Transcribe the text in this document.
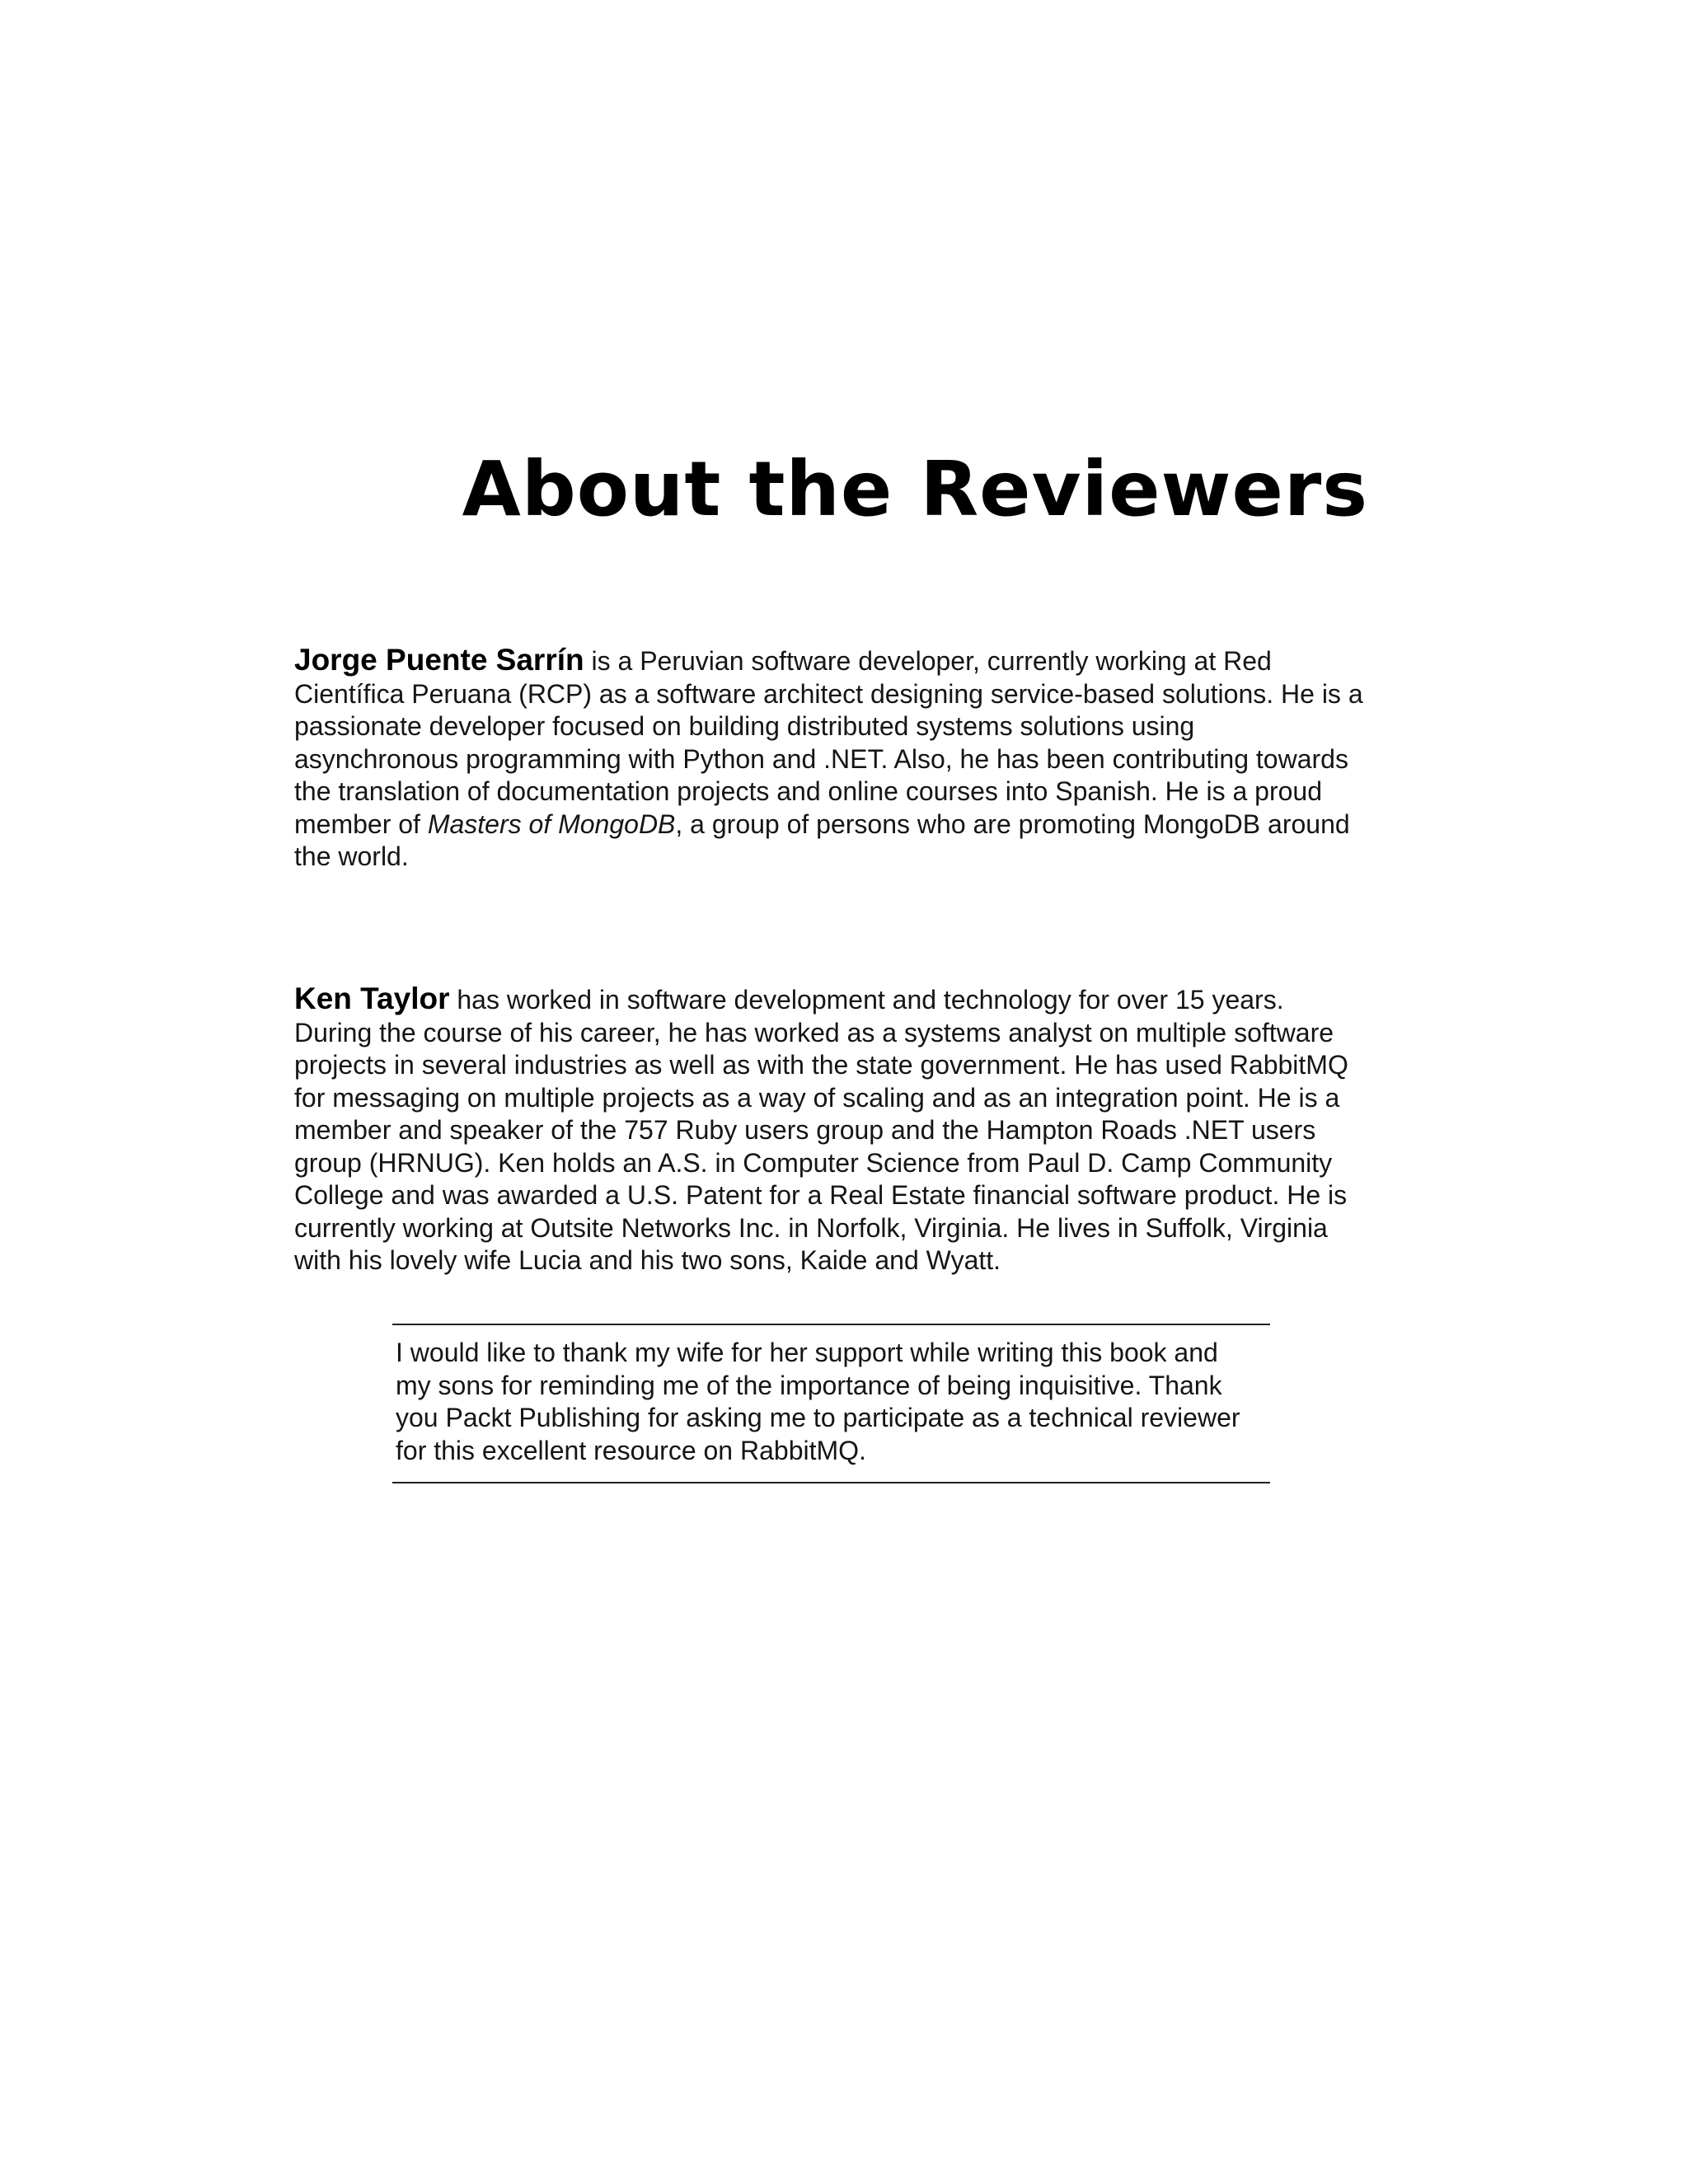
About the Reviewers

Jorge Puente Sarrín is a Peruvian software developer, currently working at Red Científica Peruana (RCP) as a software architect designing service-based solutions. He is a passionate developer focused on building distributed systems solutions using asynchronous programming with Python and .NET. Also, he has been contributing towards the translation of documentation projects and online courses into Spanish. He is a proud member of Masters of MongoDB, a group of persons who are promoting MongoDB around the world.

Ken Taylor has worked in software development and technology for over 15 years. During the course of his career, he has worked as a systems analyst on multiple software projects in several industries as well as with the state government. He has used RabbitMQ for messaging on multiple projects as a way of scaling and as an integration point. He is a member and speaker of the 757 Ruby users group and the Hampton Roads .NET users group (HRNUG). Ken holds an A.S. in Computer Science from Paul D. Camp Community College and was awarded a U.S. Patent for a Real Estate financial software product. He is currently working at Outsite Networks Inc. in Norfolk, Virginia. He lives in Suffolk, Virginia with his lovely wife Lucia and his two sons, Kaide and Wyatt.

I would like to thank my wife for her support while writing this book and my sons for reminding me of the importance of being inquisitive. Thank you Packt Publishing for asking me to participate as a technical reviewer for this excellent resource on RabbitMQ.
